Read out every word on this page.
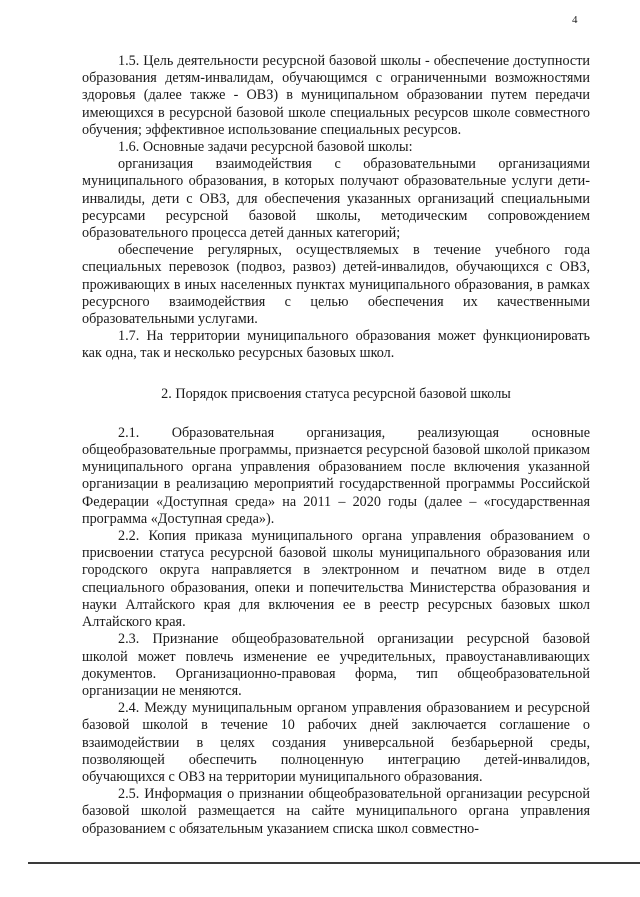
4

1.5. Цель деятельности ресурсной базовой школы - обеспечение доступности образования детям-инвалидам, обучающимся с ограниченными возможностями здоровья (далее также - ОВЗ) в муниципальном образовании путем передачи имеющихся в ресурсной базовой школе специальных ресурсов школе совместного обучения; эффективное использование специальных ресурсов.

1.6. Основные задачи ресурсной базовой школы:

организация взаимодействия с образовательными организациями муниципального образования, в которых получают образовательные услуги дети-инвалиды, дети с ОВЗ, для обеспечения указанных организаций специальными ресурсами ресурсной базовой школы, методическим сопровождением образовательного процесса детей данных категорий;

обеспечение регулярных, осуществляемых в течение учебного года специальных перевозок (подвоз, развоз) детей-инвалидов, обучающихся с ОВЗ, проживающих в иных населенных пунктах муниципального образования, в рамках ресурсного взаимодействия с целью обеспечения их качественными образовательными услугами.

1.7. На территории муниципального образования может функционировать как одна, так и несколько ресурсных базовых школ.

2. Порядок присвоения статуса ресурсной базовой школы

2.1. Образовательная организация, реализующая основные общеобразовательные программы, признается ресурсной базовой школой приказом муниципального органа управления образованием после включения указанной организации в реализацию мероприятий государственной программы Российской Федерации «Доступная среда» на 2011 – 2020 годы (далее – «государственная программа «Доступная среда»).

2.2. Копия приказа муниципального органа управления образованием о присвоении статуса ресурсной базовой школы муниципального образования или городского округа направляется в электронном и печатном виде в отдел специального образования, опеки и попечительства Министерства образования и науки Алтайского края для включения ее в реестр ресурсных базовых школ Алтайского края.

2.3. Признание общеобразовательной организации ресурсной базовой школой может повлечь изменение ее учредительных, правоустанавливающих документов. Организационно-правовая форма, тип общеобразовательной организации не меняются.

2.4. Между муниципальным органом управления образованием и ресурсной базовой школой в течение 10 рабочих дней заключается соглашение о взаимодействии в целях создания универсальной безбарьерной среды, позволяющей обеспечить полноценную интеграцию детей-инвалидов, обучающихся с ОВЗ на территории муниципального образования.

2.5. Информация о признании общеобразовательной организации ресурсной базовой школой размещается на сайте муниципального органа управления образованием с обязательным указанием списка школ совместно-
